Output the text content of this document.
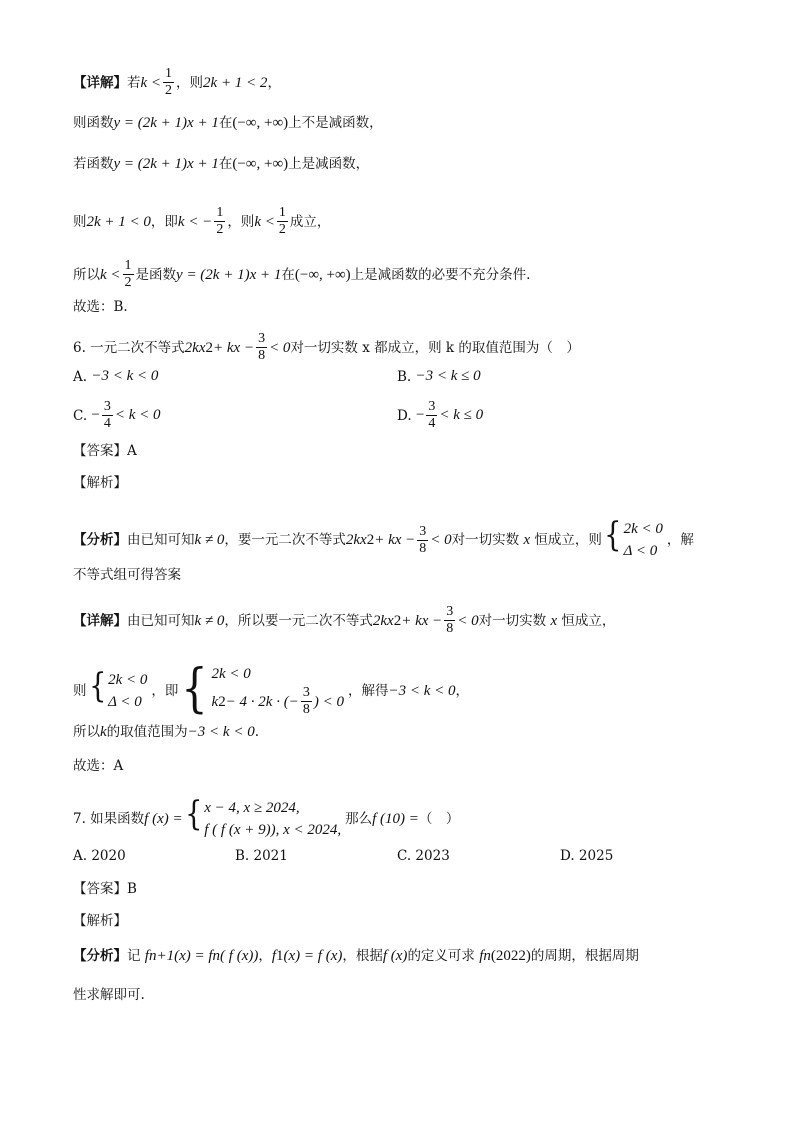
【详解】 若 $k < \frac{1}{2}$ ，则 2k + 1 < 2 ，
则函数 y = (2k + 1)x + 1 在 (−∞, +∞) 上不是减函数，
若函数 y = (2k + 1)x + 1 在 (−∞, +∞) 上是减函数，
则 2k + 1 < 0 ，即 k < − $\frac{1}{2}$ ，则 $k < \frac{1}{2}$ 成立，
所以 $k < \frac{1}{2}$ 是函数 y = (2k + 1)x + 1 在 (−∞, +∞) 上是减函数的必要不充分条件.
故选：B.
6. 一元二次不等式 2kx 2 + kx − $\frac{3}{8} < 0$ 对一切实数 x 都成立，则 k 的取值范围为（　）
A.
−3 < k < 0	B.
−3 < k ≤ 0
C.
− $\frac{3}{4} < k < 0$	D.
− $\frac{3}{4} < k \le 0$
【答案】A
【解析】
【分析】 由已知可知 k ≠ 0 ，要一元二次不等式 2kx 2 + kx − $\frac{3}{8} < 0$ 对一切实数
x
恒成立，则 { 2k < 0
Δ < 0
，解
不等式组可得答案
【详解】 由已知可知 k ≠ 0 ，所以要一元二次不等式 2kx 2 + kx − $\frac{3}{8} < 0$ 对一切实数
x
恒成立，
则 { 2k < 0
Δ < 0
，即 { 2k < 0
k 2 − 4 · 2k · (− $\frac{3}{8}$ ) < 0
，解得 −3 < k < 0 ，
所以 k 的取值范围为 −3 < k < 0 .
故选：A
7. 如果函数 f (x) = { x − 4, x ≥ 2024,
f ( f (x + 9)), x < 2024,
那么 f (10) = （　）
A. 2020	B. 2021	C. 2023	D. 2025
【答案】B
【解析】
【分析】 记
f n+1 (x) = f n ( f (x)) ， f 1 (x) = f (x) ，根据 f (x) 的定义可求
f n (2022) 的周期，根据周期
性求解即可.
